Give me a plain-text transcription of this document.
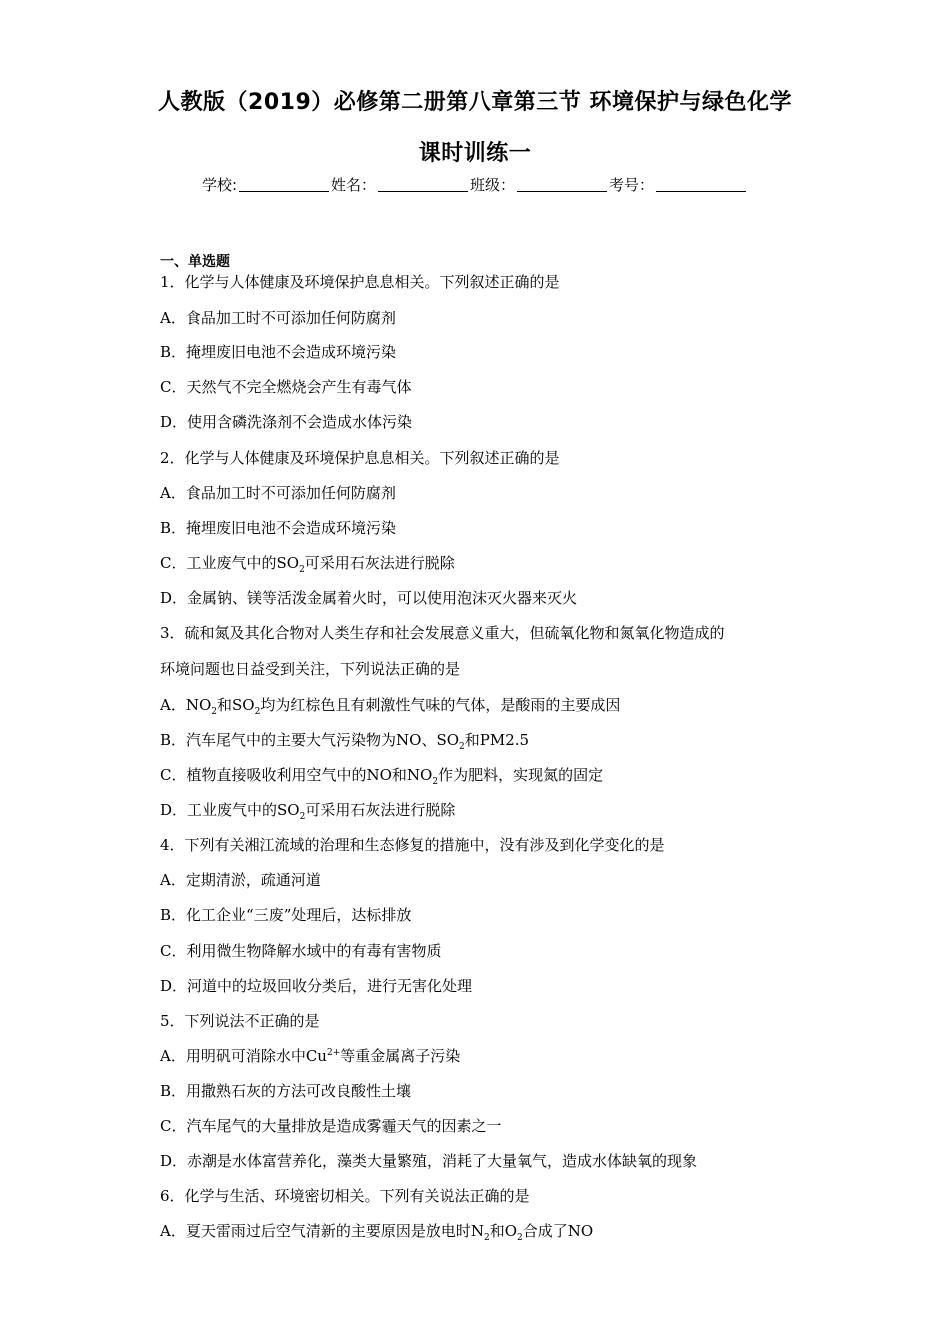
人教版（2019）必修第二册第八章第三节 环境保护与绿色化学
课时训练一
学校:	姓名：	班级：	考号：
一、单选题
1．化学与人体健康及环境保护息息相关。下列叙述正确的是
A．食品加工时不可添加任何防腐剂
B．掩埋废旧电池不会造成环境污染
C．天然气不完全燃烧会产生有毒气体
D．使用含磷洗涤剂不会造成水体污染
2．化学与人体健康及环境保护息息相关。下列叙述正确的是
A．食品加工时不可添加任何防腐剂
B．掩埋废旧电池不会造成环境污染
C．工业废气中的$SO_2$可采用石灰法进行脱除
D．金属钠、镁等活泼金属着火时，可以使用泡沫灭火器来灭火
3．硫和氮及其化合物对人类生存和社会发展意义重大，但硫氧化物和氮氧化物造成的
环境问题也日益受到关注，下列说法正确的是
A．$NO_2$和$SO_2$均为红棕色且有刺激性气味的气体，是酸雨的主要成因
B．汽车尾气中的主要大气污染物为NO、$SO_2$和PM2.5
C．植物直接吸收利用空气中的NO和$NO_2$作为肥料，实现氮的固定
D．工业废气中的$SO_2$可采用石灰法进行脱除
4．下列有关湘江流域的治理和生态修复的措施中，没有涉及到化学变化的是
A．定期清淤，疏通河道
B．化工企业“三废”处理后，达标排放
C．利用微生物降解水域中的有毒有害物质
D．河道中的垃圾回收分类后，进行无害化处理
5．下列说法不正确的是
A．用明矾可消除水中$Cu^{2+}$等重金属离子污染
B．用撒熟石灰的方法可改良酸性土壤
C．汽车尾气的大量排放是造成雾霾天气的因素之一
D．赤潮是水体富营养化，藻类大量繁殖，消耗了大量氧气，造成水体缺氧的现象
6．化学与生活、环境密切相关。下列有关说法正确的是
A．夏天雷雨过后空气清新的主要原因是放电时$N_2$和$O_2$合成了NO
